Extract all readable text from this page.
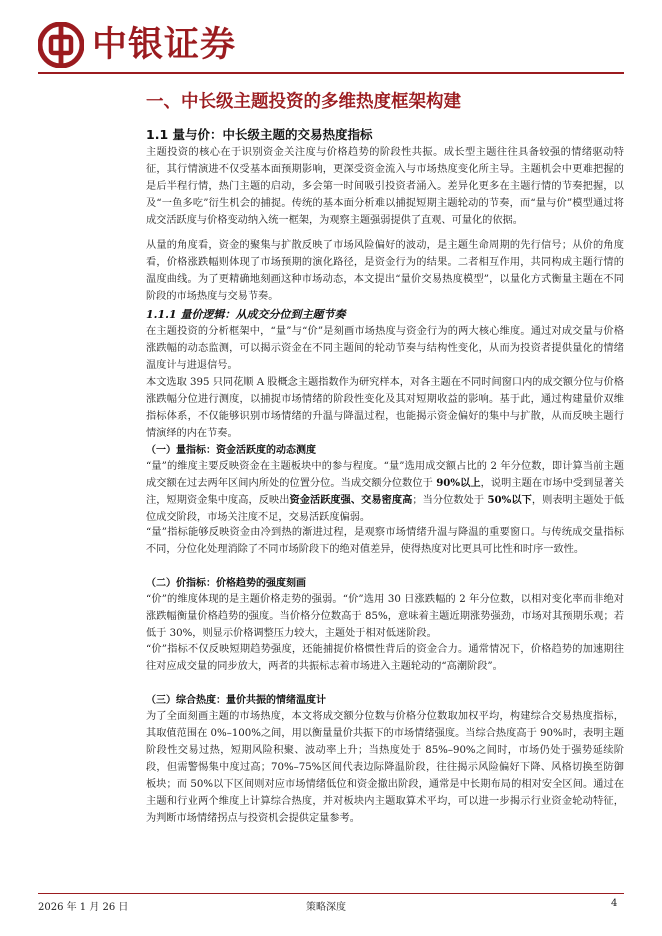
中银证券
一、中长级主题投资的多维热度框架构建
1.1 量与价：中长级主题的交易热度指标
主题投资的核心在于识别资金关注度与价格趋势的阶段性共振。成长型主题往往具备较强的情绪驱动特征，其行情演进不仅受基本面预期影响，更深受资金流入与市场热度变化所主导。主题机会中更难把握的是后半程行情，热门主题的启动，多会第一时间吸引投资者涌入。差异化更多在主题行情的节奏把握，以及“一鱼多吃”衍生机会的捕捉。传统的基本面分析难以捕捉短期主题轮动的节奏，而“量与价”模型通过将成交活跃度与价格变动纳入统一框架，为观察主题强弱提供了直观、可量化的依据。
从量的角度看，资金的聚集与扩散反映了市场风险偏好的波动，是主题生命周期的先行信号；从价的角度看，价格涨跌幅则体现了市场预期的演化路径，是资金行为的结果。二者相互作用，共同构成主题行情的温度曲线。为了更精确地刻画这种市场动态，本文提出“量价交易热度模型”，以量化方式衡量主题在不同阶段的市场热度与交易节奏。
1.1.1 量价逻辑：从成交分位到主题节奏
在主题投资的分析框架中，“量”与“价”是刻画市场热度与资金行为的两大核心维度。通过对成交量与价格涨跌幅的动态监测，可以揭示资金在不同主题间的轮动节奏与结构性变化，从而为投资者提供量化的情绪温度计与进退信号。
本文选取 395 只同花顺 A 股概念主题指数作为研究样本，对各主题在不同时间窗口内的成交额分位与价格涨跌幅分位进行测度，以捕捉市场情绪的阶段性变化及其对短期收益的影响。基于此，通过构建量价双维指标体系，不仅能够识别市场情绪的升温与降温过程，也能揭示资金偏好的集中与扩散，从而反映主题行情演绎的内在节奏。
（一）量指标：资金活跃度的动态测度
“量”的维度主要反映资金在主题板块中的参与程度。“量”选用成交额占比的 2 年分位数，即计算当前主题成交额在过去两年区间内所处的位置分位。当成交额分位数位于 90%以上，说明主题在市场中受到显著关注，短期资金集中度高，反映出资金活跃度强、交易密度高；当分位数处于 50%以下，则表明主题处于低位成交阶段，市场关注度不足，交易活跃度偏弱。
“量”指标能够反映资金由冷到热的渐进过程，是观察市场情绪升温与降温的重要窗口。与传统成交量指标不同，分位化处理消除了不同市场阶段下的绝对值差异，使得热度对比更具可比性和时序一致性。
（二）价指标：价格趋势的强度刻画
“价”的维度体现的是主题价格走势的强弱。“价”选用 30 日涨跌幅的 2 年分位数，以相对变化率而非绝对涨跌幅衡量价格趋势的强度。当价格分位数高于 85%，意味着主题近期涨势强劲，市场对其预期乐观；若低于 30%，则显示价格调整压力较大，主题处于相对低迷阶段。
“价”指标不仅反映短期趋势强度，还能捕捉价格惯性背后的资金合力。通常情况下，价格趋势的加速期往往对应成交量的同步放大，两者的共振标志着市场进入主题轮动的“高潮阶段”。
（三）综合热度：量价共振的情绪温度计
为了全面刻画主题的市场热度，本文将成交额分位数与价格分位数取加权平均，构建综合交易热度指标，其取值范围在 0%–100%之间，用以衡量量价共振下的市场情绪强度。当综合热度高于 90%时，表明主题阶段性交易过热，短期风险积聚、波动率上升；当热度处于 85%–90%之间时，市场仍处于强势延续阶段，但需警惕集中度过高；70%–75%区间代表边际降温阶段，往往揭示风险偏好下降、风格切换至防御板块；而 50%以下区间则对应市场情绪低位和资金撤出阶段，通常是中长期布局的相对安全区间。通过在主题和行业两个维度上计算综合热度，并对板块内主题取算术平均，可以进一步揭示行业资金轮动特征，为判断市场情绪拐点与投资机会提供定量参考。
2026 年 1 月 26 日	策略深度	4
